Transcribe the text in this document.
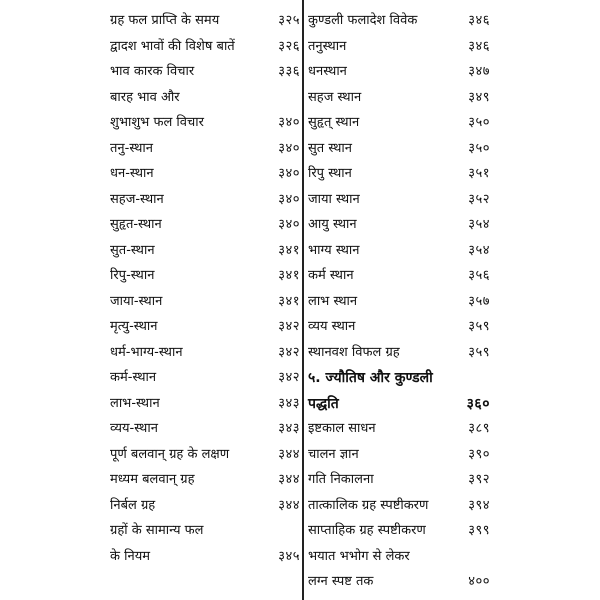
ग्रह फल प्राप्ति के समय	३२५
द्वादश भावों की विशेष बातें	३२६
भाव कारक विचार	३३६
बारह भाव और
शुभाशुभ फल विचार	३४०
तनु-स्थान	३४०
धन-स्थान	३४०
सहज-स्थान	३४०
सुहृत-स्थान	३४०
सुत-स्थान	३४१
रिपु-स्थान	३४१
जाया-स्थान	३४१
मृत्यु-स्थान	३४२
धर्म-भाग्य-स्थान	३४२
कर्म-स्थान	३४२
लाभ-स्थान	३४३
व्यय-स्थान	३४३
पूर्ण बलवान् ग्रह के लक्षण	३४४
मध्यम बलवान् ग्रह	३४४
निर्बल ग्रह	३४४
ग्रहों के सामान्य फल
के नियम	३४५
कुण्डली फलादेश विवेक	३४६
तनुस्थान	३४६
धनस्थान	३४७
सहज स्थान	३४९
सुहृत् स्थान	३५०
सुत स्थान	३५०
रिपु स्थान	३५१
जाया स्थान	३५२
आयु स्थान	३५४
भाग्य स्थान	३५४
कर्म स्थान	३५६
लाभ स्थान	३५७
व्यय स्थान	३५९
स्थानवश विफल ग्रह	३५९
५. ज्यौतिष और कुण्डली
पद्धति	३६०
इष्टकाल साधन	३८९
चालन ज्ञान	३९०
गति निकालना	३९२
तात्कालिक ग्रह स्पष्टीकरण	३९४
साप्ताहिक ग्रह स्पष्टीकरण	३९९
भयात भभोग से लेकर
लग्न स्पष्ट तक	४००
